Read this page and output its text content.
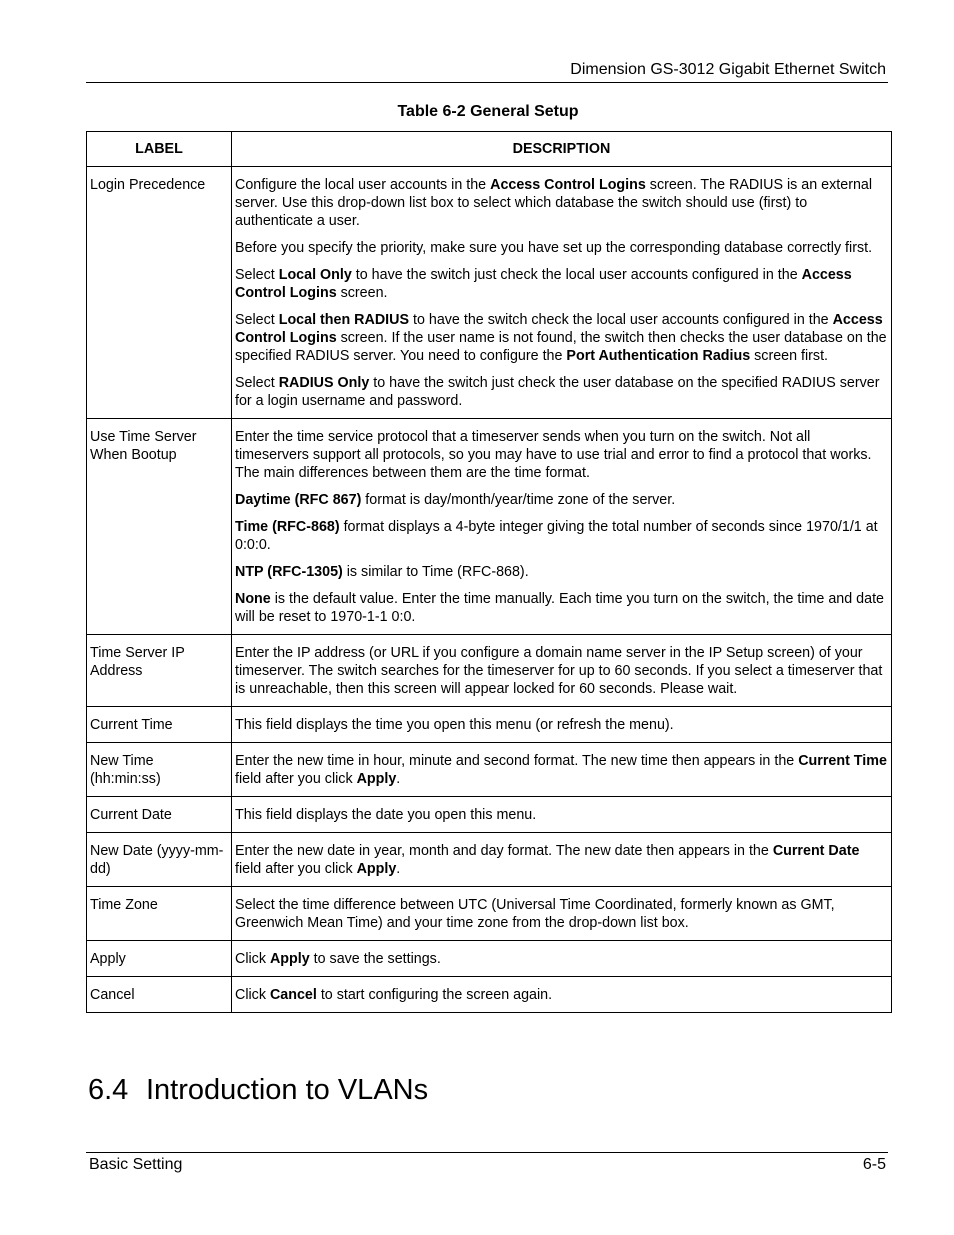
Dimension GS-3012 Gigabit Ethernet Switch
Table 6-2 General Setup
LABEL	DESCRIPTION
Login Precedence	Configure the local user accounts in the Access Control Logins screen. The RADIUS is an external server. Use this drop-down list box to select which database the switch should use (first) to authenticate a user.

Before you specify the priority, make sure you have set up the corresponding database correctly first.

Select Local Only to have the switch just check the local user accounts configured in the Access Control Logins screen.

Select Local then RADIUS to have the switch check the local user accounts configured in the Access Control Logins screen. If the user name is not found, the switch then checks the user database on the specified RADIUS server. You need to configure the Port Authentication Radius screen first.

Select RADIUS Only to have the switch just check the user database on the specified RADIUS server for a login username and password.

Use Time Server When Bootup	Enter the time service protocol that a timeserver sends when you turn on the switch. Not all timeservers support all protocols, so you may have to use trial and error to find a protocol that works. The main differences between them are the time format.

Daytime (RFC 867) format is day/month/year/time zone of the server.

Time (RFC-868) format displays a 4-byte integer giving the total number of seconds since 1970/1/1 at 0:0:0.

NTP (RFC-1305) is similar to Time (RFC-868).

None is the default value. Enter the time manually. Each time you turn on the switch, the time and date will be reset to 1970-1-1 0:0.

Time Server IP Address	Enter the IP address (or URL if you configure a domain name server in the IP Setup screen) of your timeserver. The switch searches for the timeserver for up to 60 seconds. If you select a timeserver that is unreachable, then this screen will appear locked for 60 seconds. Please wait.

Current Time	This field displays the time you open this menu (or refresh the menu).

New Time (hh:min:ss)	Enter the new time in hour, minute and second format. The new time then appears in the Current Time field after you click Apply.

Current Date	This field displays the date you open this menu.

New Date (yyyy-mm-dd)	Enter the new date in year, month and day format. The new date then appears in the Current Date field after you click Apply.

Time Zone	Select the time difference between UTC (Universal Time Coordinated, formerly known as GMT, Greenwich Mean Time) and your time zone from the drop-down list box.

Apply	Click Apply to save the settings.

Cancel	Click Cancel to start configuring the screen again.

6.4 Introduction to VLANs
Basic Setting	6-5
